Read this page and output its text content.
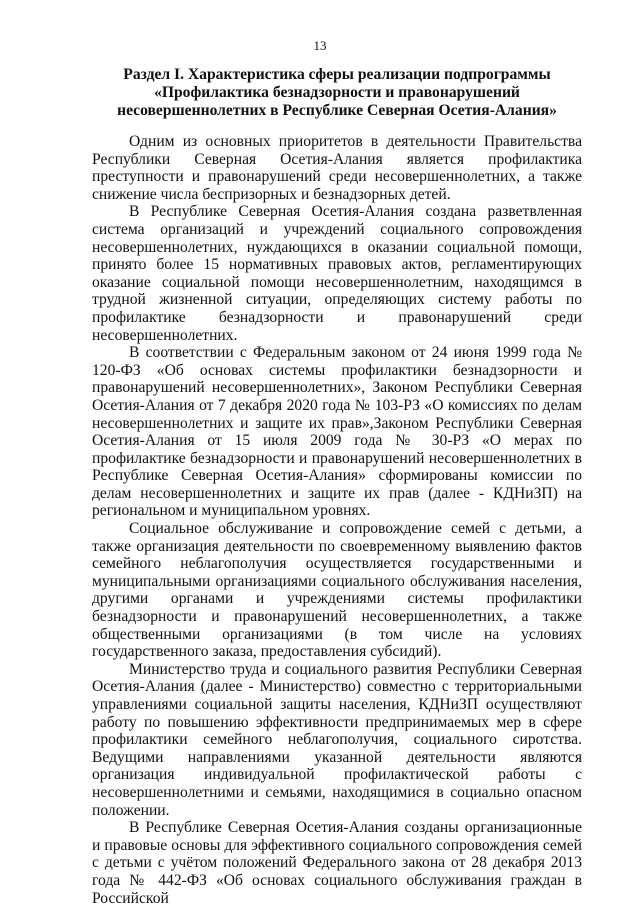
13
Раздел I. Характеристика сферы реализации подпрограммы «Профилактика безнадзорности и правонарушений несовершеннолетних в Республике Северная Осетия-Алания»

Одним из основных приоритетов в деятельности Правительства Республики Северная Осетия-Алания является профилактика преступности и правонарушений среди несовершеннолетних, а также снижение числа беспризорных и безнадзорных детей.

В Республике Северная Осетия-Алания создана разветвленная система организаций и учреждений социального сопровождения несовершеннолетних, нуждающихся в оказании социальной помощи, принято более 15 нормативных правовых актов, регламентирующих оказание социальной помощи несовершеннолетним, находящимся в трудной жизненной ситуации, определяющих систему работы по профилактике безнадзорности и правонарушений среди несовершеннолетних.

В соответствии с Федеральным законом от 24 июня 1999 года № 120-ФЗ «Об основах системы профилактики безнадзорности и правонарушений несовершеннолетних», Законом Республики Северная Осетия-Алания от 7 декабря 2020 года № 103-РЗ «О комиссиях по делам несовершеннолетних и защите их прав»,Законом Республики Северная Осетия-Алания от 15 июля 2009 года № 30-РЗ «О мерах по профилактике безнадзорности и правонарушений несовершеннолетних в Республике Северная Осетия-Алания» сформированы комиссии по делам несовершеннолетних и защите их прав (далее - КДНиЗП) на региональном и муниципальном уровнях.

Социальное обслуживание и сопровождение семей с детьми, а также организация деятельности по своевременному выявлению фактов семейного неблагополучия осуществляется государственными и муниципальными организациями социального обслуживания населения, другими органами и учреждениями системы профилактики безнадзорности и правонарушений несовершеннолетних, а также общественными организациями (в том числе на условиях государственного заказа, предоставления субсидий).

Министерство труда и социального развития Республики Северная Осетия-Алания (далее - Министерство) совместно с территориальными управлениями социальной защиты населения, КДНиЗП осуществляют работу по повышению эффективности предпринимаемых мер в сфере профилактики семейного неблагополучия, социального сиротства. Ведущими направлениями указанной деятельности являются организация индивидуальной профилактической работы с несовершеннолетними и семьями, находящимися в социально опасном положении.

В Республике Северная Осетия-Алания созданы организационные и правовые основы для эффективного социального сопровождения семей с детьми с учётом положений Федерального закона от 28 декабря 2013 года № 442-ФЗ «Об основах социального обслуживания граждан в Российской
